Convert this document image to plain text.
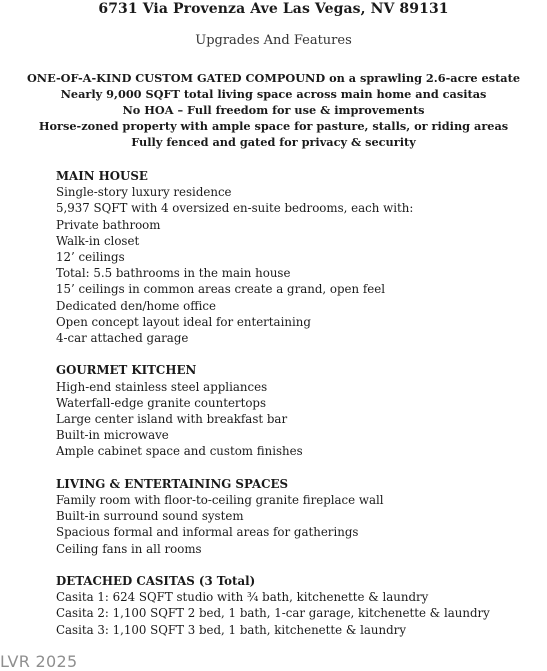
6731 Via Provenza Ave Las Vegas, NV 89131
Upgrades And Features
ONE-OF-A-KIND CUSTOM GATED COMPOUND on a sprawling 2.6-acre estate
Nearly 9,000 SQFT total living space across main home and casitas
No HOA – Full freedom for use & improvements
Horse-zoned property with ample space for pasture, stalls, or riding areas
Fully fenced and gated for privacy & security
MAIN HOUSE
Single-story luxury residence
5,937 SQFT with 4 oversized en-suite bedrooms, each with:
Private bathroom
Walk-in closet
12’ ceilings
Total: 5.5 bathrooms in the main house
15’ ceilings in common areas create a grand, open feel
Dedicated den/home office
Open concept layout ideal for entertaining
4-car attached garage
GOURMET KITCHEN
High-end stainless steel appliances
Waterfall-edge granite countertops
Large center island with breakfast bar
Built-in microwave
Ample cabinet space and custom finishes
LIVING & ENTERTAINING SPACES
Family room with floor-to-ceiling granite fireplace wall
Built-in surround sound system
Spacious formal and informal areas for gatherings
Ceiling fans in all rooms
DETACHED CASITAS (3 Total)
Casita 1: 624 SQFT studio with ¾ bath, kitchenette & laundry
Casita 2: 1,100 SQFT 2 bed, 1 bath, 1-car garage, kitchenette & laundry
Casita 3: 1,100 SQFT 3 bed, 1 bath, kitchenette & laundry
LVR 2025
